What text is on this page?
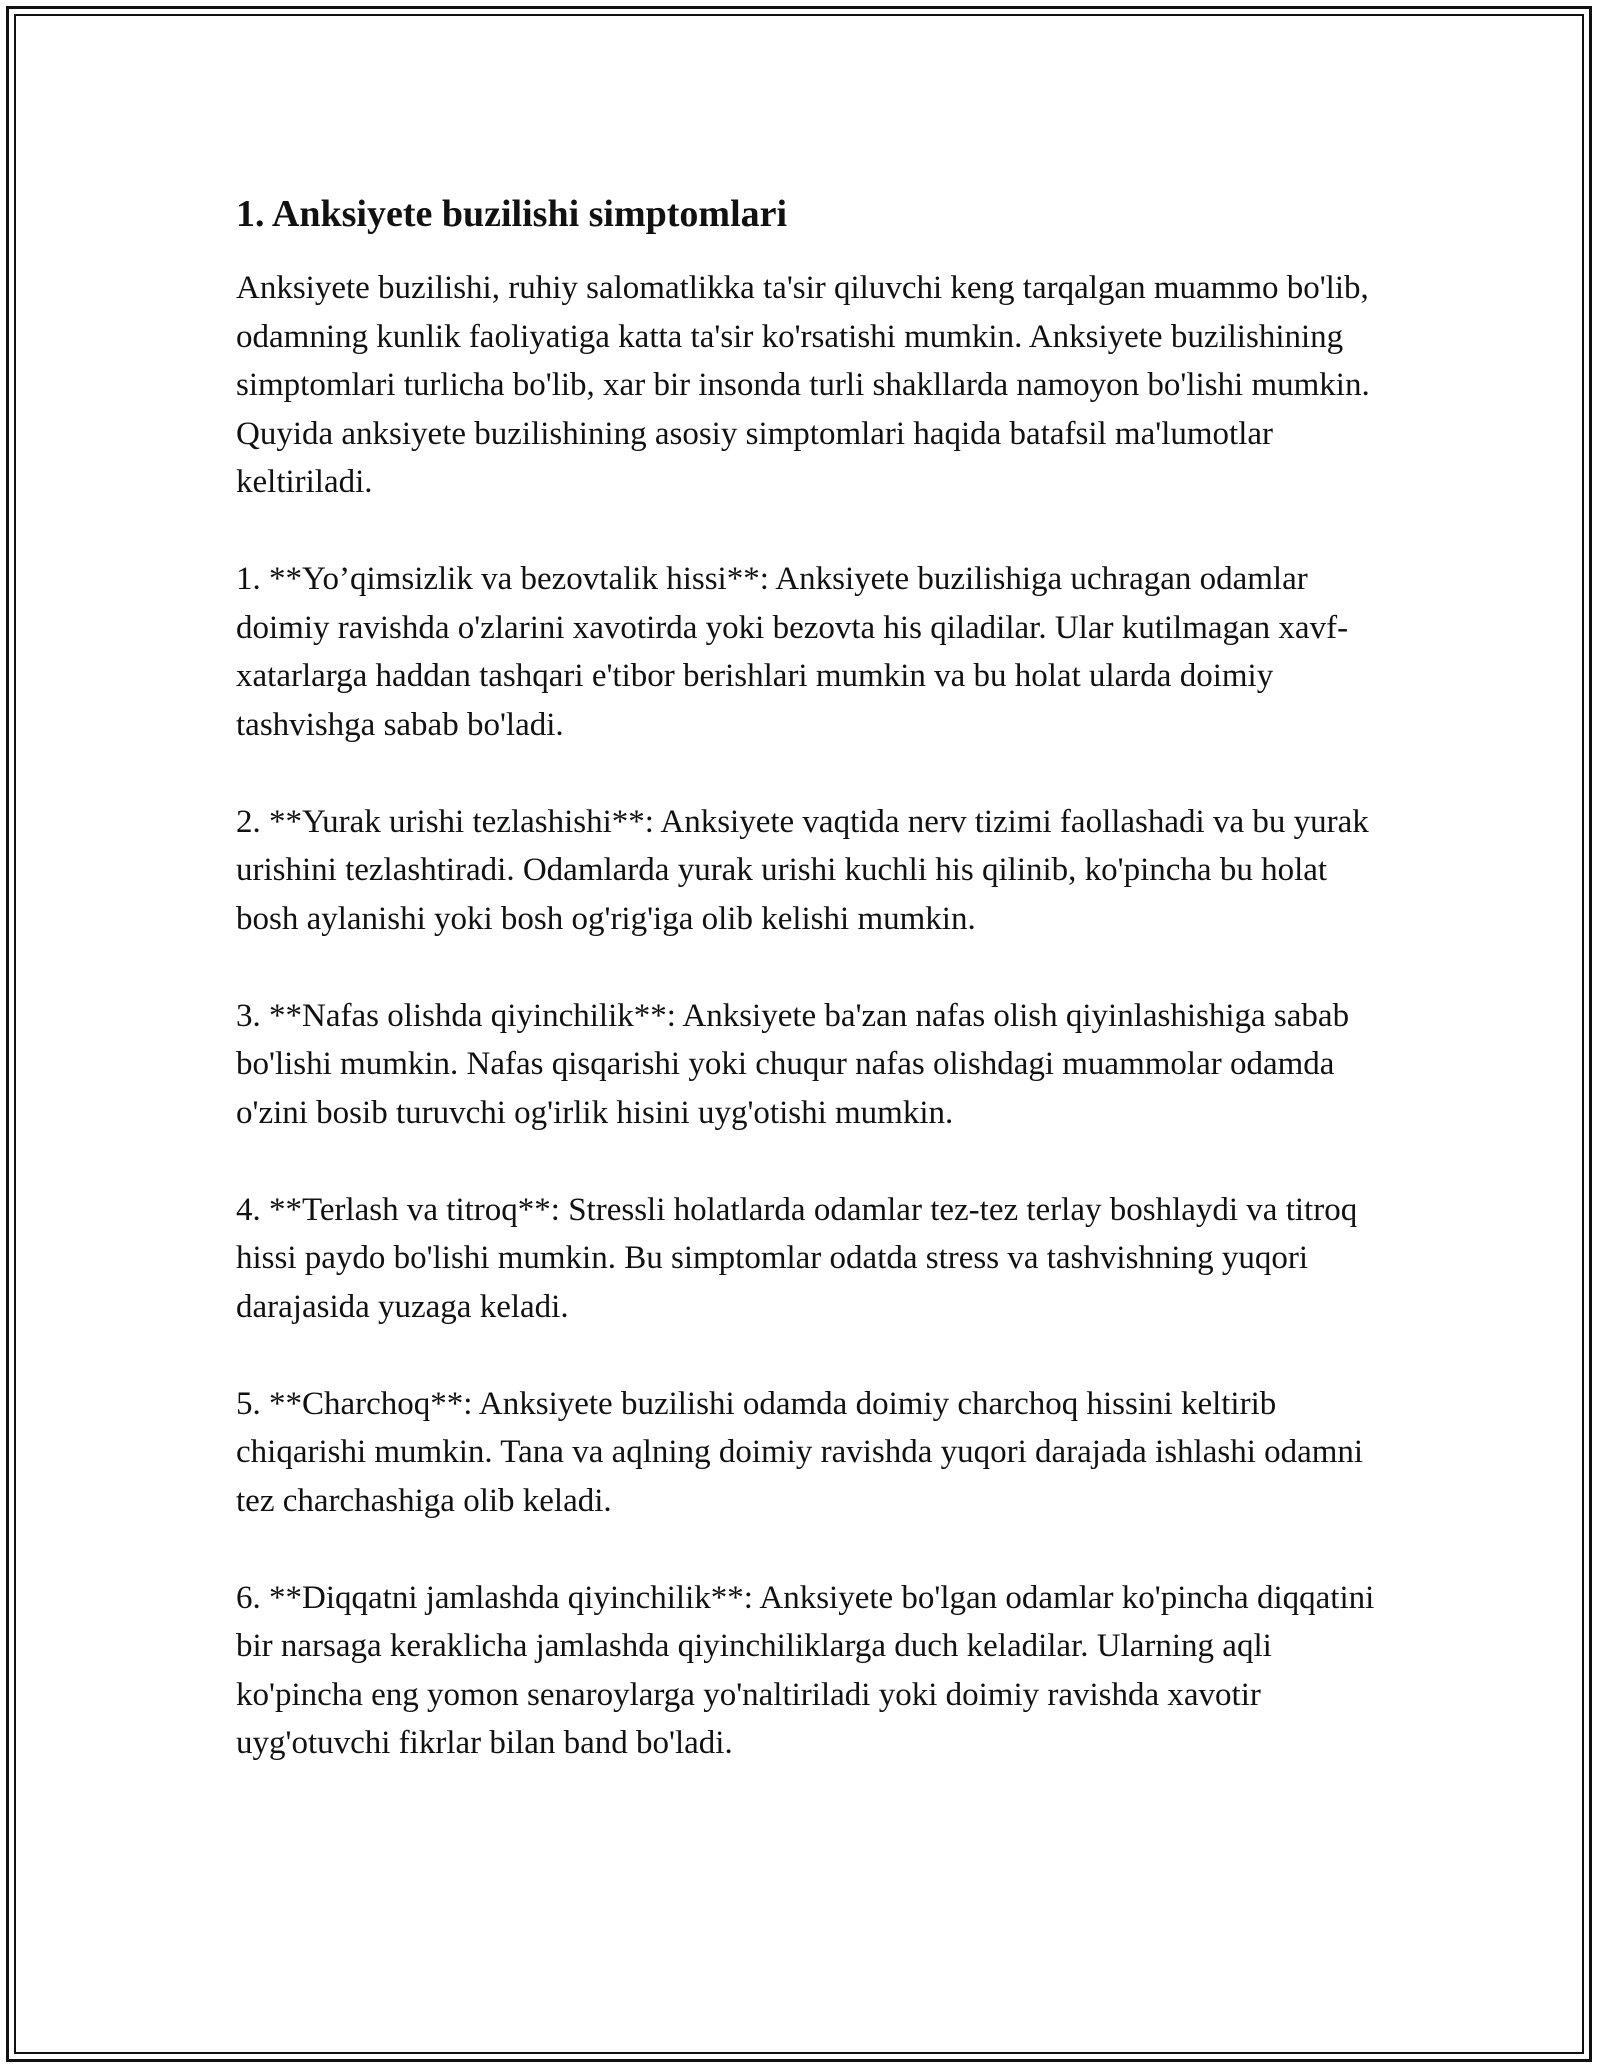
1. Anksiyete buzilishi simptomlari

Anksiyete buzilishi, ruhiy salomatlikka ta'sir qiluvchi keng tarqalgan muammo bo'lib, odamning kunlik faoliyatiga katta ta'sir ko'rsatishi mumkin. Anksiyete buzilishining simptomlari turlicha bo'lib, xar bir insonda turli shakllarda namoyon bo'lishi mumkin. Quyida anksiyete buzilishining asosiy simptomlari haqida batafsil ma'lumotlar keltiriladi.

1. **Yo’qimsizlik va bezovtalik hissi**: Anksiyete buzilishiga uchragan odamlar doimiy ravishda o'zlarini xavotirda yoki bezovta his qiladilar. Ular kutilmagan xavf-xatarlarga haddan tashqari e'tibor berishlari mumkin va bu holat ularda doimiy tashvishga sabab bo'ladi.

2. **Yurak urishi tezlashishi**: Anksiyete vaqtida nerv tizimi faollashadi va bu yurak urishini tezlashtiradi. Odamlarda yurak urishi kuchli his qilinib, ko'pincha bu holat bosh aylanishi yoki bosh og'rig'iga olib kelishi mumkin.

3. **Nafas olishda qiyinchilik**: Anksiyete ba'zan nafas olish qiyinlashishiga sabab bo'lishi mumkin. Nafas qisqarishi yoki chuqur nafas olishdagi muammolar odamda o'zini bosib turuvchi og'irlik hisini uyg'otishi mumkin.

4. **Terlash va titroq**: Stressli holatlarda odamlar tez-tez terlay boshlaydi va titroq hissi paydo bo'lishi mumkin. Bu simptomlar odatda stress va tashvishning yuqori darajasida yuzaga keladi.

5. **Charchoq**: Anksiyete buzilishi odamda doimiy charchoq hissini keltirib chiqarishi mumkin. Tana va aqlning doimiy ravishda yuqori darajada ishlashi odamni tez charchashiga olib keladi.

6. **Diqqatni jamlashda qiyinchilik**: Anksiyete bo'lgan odamlar ko'pincha diqqatini bir narsaga keraklicha jamlashda qiyinchiliklarga duch keladilar. Ularning aqli ko'pincha eng yomon senaroylarga yo'naltiriladi yoki doimiy ravishda xavotir uyg'otuvchi fikrlar bilan band bo'ladi.
